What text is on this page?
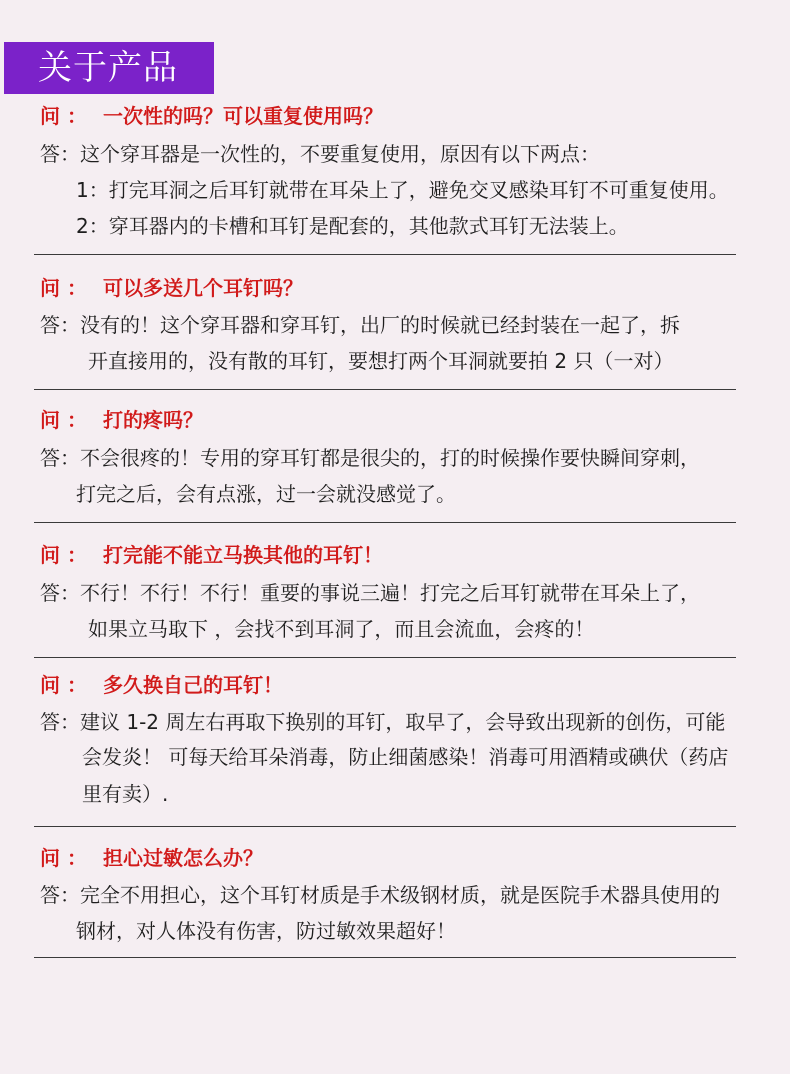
关于产品
问 ： 一次性的吗？可以重复使用吗？
答：这个穿耳器是一次性的，不要重复使用，原因有以下两点：
1：打完耳洞之后耳钉就带在耳朵上了，避免交叉感染耳钉不可重复使用。
2：穿耳器内的卡槽和耳钉是配套的，其他款式耳钉无法装上。
问 ： 可以多送几个耳钉吗？
答：没有的！这个穿耳器和穿耳钉，出厂的时候就已经封装在一起了，拆
开直接用的，没有散的耳钉，要想打两个耳洞就要拍 2 只（一对）
问 ： 打的疼吗？
答：不会很疼的！专用的穿耳钉都是很尖的，打的时候操作要快瞬间穿刺，
打完之后，会有点涨，过一会就没感觉了。
问 ： 打完能不能立马换其他的耳钉！
答：不行！不行！不行！重要的事说三遍！打完之后耳钉就带在耳朵上了，
如果立马取下 ，会找不到耳洞了，而且会流血，会疼的！
问 ： 多久换自己的耳钉！
答：建议 1-2 周左右再取下换别的耳钉，取早了，会导致出现新的创伤，可能
会发炎！ 可每天给耳朵消毒，防止细菌感染！消毒可用酒精或碘伏（药店
里有卖）.
问 ： 担心过敏怎么办？
答：完全不用担心，这个耳钉材质是手术级钢材质，就是医院手术器具使用的
钢材，对人体没有伤害，防过敏效果超好！
